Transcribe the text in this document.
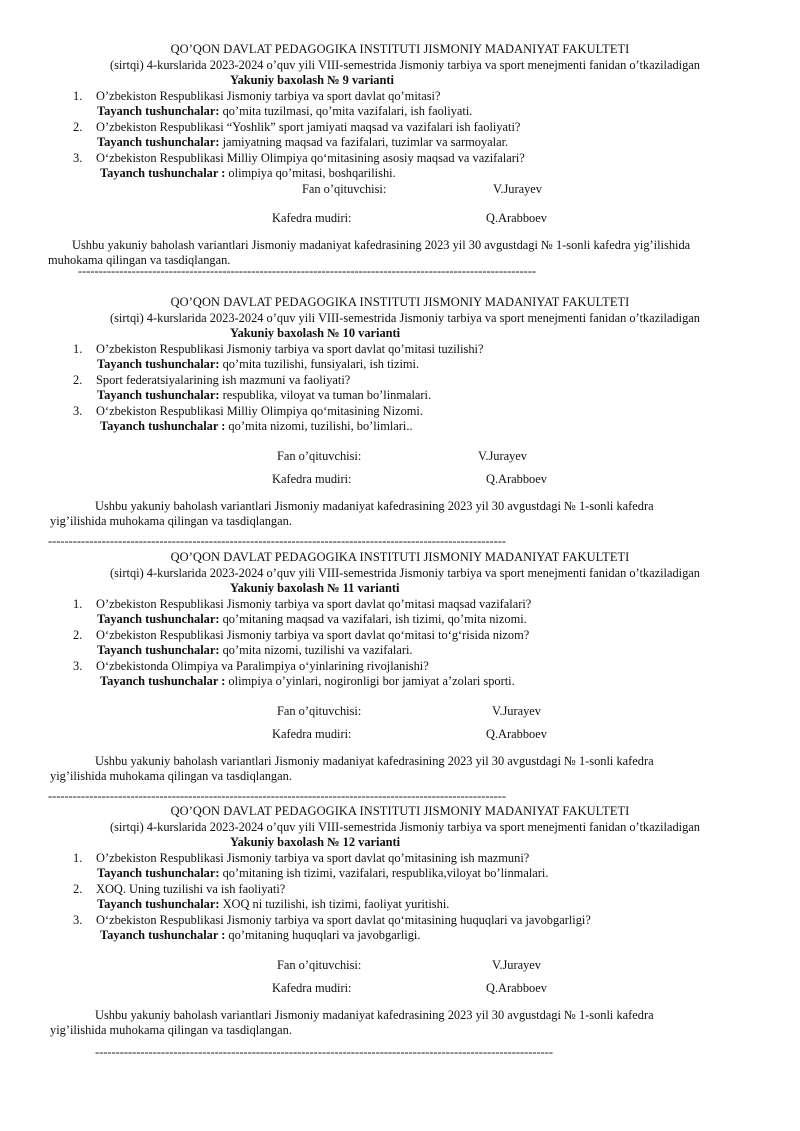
QO’QON DAVLAT PEDAGOGIKA INSTITUTI JISMONIY MADANIYAT FAKULTETI
(sirtqi) 4-kurslarida 2023-2024 o’quv yili VIII-semestrida Jismoniy tarbiya va sport menejmenti fanidan o’tkaziladigan
Yakuniy baxolash № 9 varianti
1. O’zbekiston Respublikasi Jismoniy tarbiya va sport davlat qo’mitasi?
Tayanch tushunchalar: qo’mita tuzilmasi, qo’mita vazifalari, ish faoliyati.
2. O’zbekiston Respublikasi “Yoshlik” sport jamiyati maqsad va vazifalari ish faoliyati?
Tayanch tushunchalar: jamiyatning maqsad va fazifalari, tuzimlar va sarmoyalar.
3. O‘zbekiston Respublikasi Milliy Olimpiya qo‘mitasining asosiy maqsad va vazifalari?
Tayanch tushunchalar : olimpiya qo’mitasi, boshqarilishi.
Fan o’qituvchisi:	V.Jurayev
Kafedra mudiri:	Q.Arabboev
Ushbu yakuniy baholash variantlari Jismoniy madaniyat kafedrasining 2023 yil 30 avgustdagi № 1-sonli kafedra yig’ilishida muhokama qilingan va tasdiqlangan.
---------------------------------------------------------------------------------------------------------------
QO’QON DAVLAT PEDAGOGIKA INSTITUTI JISMONIY MADANIYAT FAKULTETI
(sirtqi) 4-kurslarida 2023-2024 o’quv yili VIII-semestrida Jismoniy tarbiya va sport menejmenti fanidan o’tkaziladigan
Yakuniy baxolash № 10 varianti
1. O’zbekiston Respublikasi Jismoniy tarbiya va sport davlat qo’mitasi tuzilishi?
Tayanch tushunchalar: qo’mita tuzilishi, funsiyalari, ish tizimi.
2. Sport federatsiyalarining ish mazmuni va faoliyati?
Tayanch tushunchalar: respublika, viloyat va tuman bo’linmalari.
3. O‘zbekiston Respublikasi Milliy Olimpiya qo‘mitasining Nizomi.
Tayanch tushunchalar : qo’mita nizomi, tuzilishi, bo’limlari..
Fan o’qituvchisi:	V.Jurayev
Kafedra mudiri:	Q.Arabboev
Ushbu yakuniy baholash variantlari Jismoniy madaniyat kafedrasining 2023 yil 30 avgustdagi № 1-sonli kafedra yig’ilishida muhokama qilingan va tasdiqlangan.
---------------------------------------------------------------------------------------------------------------
QO’QON DAVLAT PEDAGOGIKA INSTITUTI JISMONIY MADANIYAT FAKULTETI
(sirtqi) 4-kurslarida 2023-2024 o’quv yili VIII-semestrida Jismoniy tarbiya va sport menejmenti fanidan o’tkaziladigan
Yakuniy baxolash № 11 varianti
1. O’zbekiston Respublikasi Jismoniy tarbiya va sport davlat qo’mitasi maqsad vazifalari?
Tayanch tushunchalar: qo’mitaning maqsad va vazifalari, ish tizimi, qo’mita nizomi.
2. O‘zbekiston Respublikasi Jismoniy tarbiya va sport davlat qo‘mitasi to‘g‘risida nizom?
Tayanch tushunchalar: qo’mita nizomi, tuzilishi va vazifalari.
3. O‘zbekistonda Olimpiya va Paralimpiya o‘yinlarining rivojlanishi?
Tayanch tushunchalar : olimpiya o’yinlari, nogironligi bor jamiyat a’zolari sporti.
Fan o’qituvchisi:	V.Jurayev
Kafedra mudiri:	Q.Arabboev
Ushbu yakuniy baholash variantlari Jismoniy madaniyat kafedrasining 2023 yil 30 avgustdagi № 1-sonli kafedra yig’ilishida muhokama qilingan va tasdiqlangan.
---------------------------------------------------------------------------------------------------------------
QO’QON DAVLAT PEDAGOGIKA INSTITUTI JISMONIY MADANIYAT FAKULTETI
(sirtqi) 4-kurslarida 2023-2024 o’quv yili VIII-semestrida Jismoniy tarbiya va sport menejmenti fanidan o’tkaziladigan
Yakuniy baxolash № 12 varianti
1. O’zbekiston Respublikasi Jismoniy tarbiya va sport davlat qo’mitasining ish mazmuni?
Tayanch tushunchalar: qo’mitaning ish tizimi, vazifalari, respublika,viloyat bo’linmalari.
2. XOQ. Uning tuzilishi va ish faoliyati?
Tayanch tushunchalar: XOQ ni tuzilishi, ish tizimi, faoliyat yuritishi.
3. O‘zbekiston Respublikasi Jismoniy tarbiya va sport davlat qo‘mitasining huquqlari va javobgarligi?
Tayanch tushunchalar : qo’mitaning huquqlari va javobgarligi.
Fan o’qituvchisi:	V.Jurayev
Kafedra mudiri:	Q.Arabboev
Ushbu yakuniy baholash variantlari Jismoniy madaniyat kafedrasining 2023 yil 30 avgustdagi № 1-sonli kafedra yig’ilishida muhokama qilingan va tasdiqlangan.
---------------------------------------------------------------------------------------------------------------
